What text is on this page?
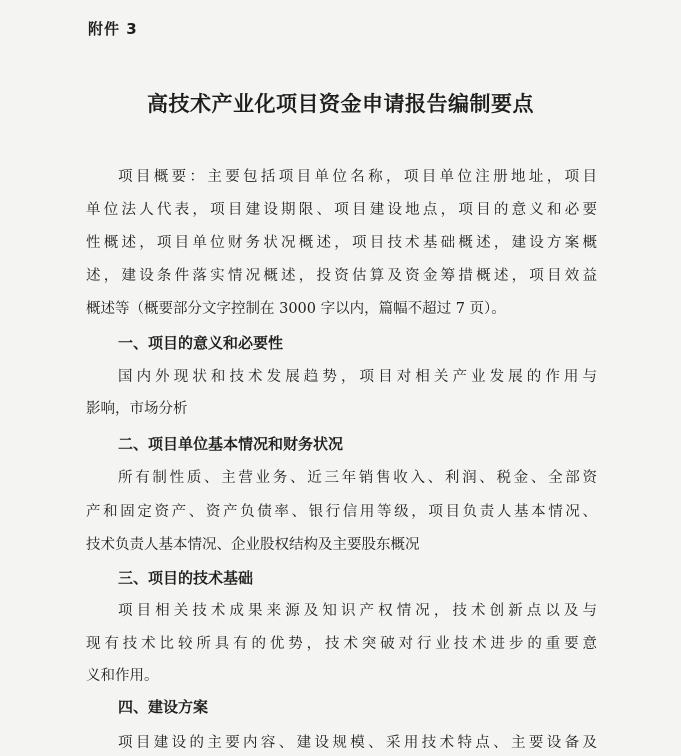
附件 3
高技术产业化项目资金申请报告编制要点
项目概要：主要包括项目单位名称，项目单位注册地址，项目
单位法人代表，项目建设期限、项目建设地点，项目的意义和必要
性概述，项目单位财务状况概述，项目技术基础概述，建设方案概
述，建设条件落实情况概述，投资估算及资金筹措概述，项目效益
概述等（概要部分文字控制在 3000 字以内，篇幅不超过 7 页）。
一、项目的意义和必要性
国内外现状和技术发展趋势，项目对相关产业发展的作用与
影响，市场分析
二、项目单位基本情况和财务状况
所有制性质、主营业务、近三年销售收入、利润、税金、全部资
产和固定资产、资产负债率、银行信用等级，项目负责人基本情况、
技术负责人基本情况、企业股权结构及主要股东概况
三、项目的技术基础
项目相关技术成果来源及知识产权情况，技术创新点以及与
现有技术比较所具有的优势，技术突破对行业技术进步的重要意
义和作用。
四、建设方案
项目建设的主要内容、建设规模、采用技术特点、主要设备及
